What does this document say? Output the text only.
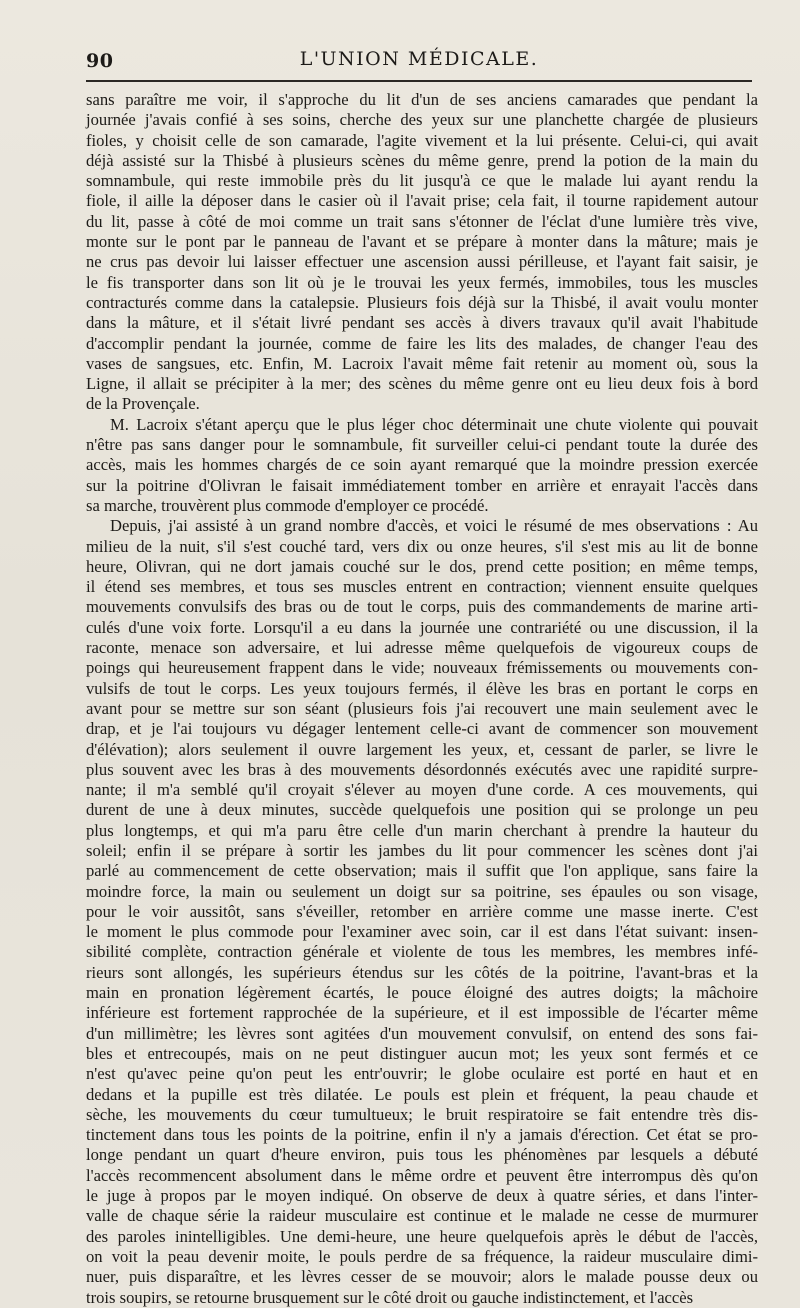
90	L'UNION MÉDICALE.

sans paraître me voir, il s'approche du lit d'un de ses anciens camarades que pendant la
journée j'avais confié à ses soins, cherche des yeux sur une planchette chargée de plusieurs
fioles, y choisit celle de son camarade, l'agite vivement et la lui présente. Celui-ci, qui avait
déjà assisté sur la Thisbé à plusieurs scènes du même genre, prend la potion de la main du
somnambule, qui reste immobile près du lit jusqu'à ce que le malade lui ayant rendu la
fiole, il aille la déposer dans le casier où il l'avait prise; cela fait, il tourne rapidement autour
du lit, passe à côté de moi comme un trait sans s'étonner de l'éclat d'une lumière très vive,
monte sur le pont par le panneau de l'avant et se prépare à monter dans la mâture; mais je
ne crus pas devoir lui laisser effectuer une ascension aussi périlleuse, et l'ayant fait saisir, je
le fis transporter dans son lit où je le trouvai les yeux fermés, immobiles, tous les muscles
contracturés comme dans la catalepsie. Plusieurs fois déjà sur la Thisbé, il avait voulu monter
dans la mâture, et il s'était livré pendant ses accès à divers travaux qu'il avait l'habitude
d'accomplir pendant la journée, comme de faire les lits des malades, de changer l'eau des
vases de sangsues, etc. Enfin, M. Lacroix l'avait même fait retenir au moment où, sous la
Ligne, il allait se précipiter à la mer; des scènes du même genre ont eu lieu deux fois à bord
de la Provençale.

M. Lacroix s'étant aperçu que le plus léger choc déterminait une chute violente qui pouvait
n'être pas sans danger pour le somnambule, fit surveiller celui-ci pendant toute la durée des
accès, mais les hommes chargés de ce soin ayant remarqué que la moindre pression exercée
sur la poitrine d'Olivran le faisait immédiatement tomber en arrière et enrayait l'accès dans
sa marche, trouvèrent plus commode d'employer ce procédé.

Depuis, j'ai assisté à un grand nombre d'accès, et voici le résumé de mes observations : Au
milieu de la nuit, s'il s'est couché tard, vers dix ou onze heures, s'il s'est mis au lit de bonne
heure, Olivran, qui ne dort jamais couché sur le dos, prend cette position; en même temps,
il étend ses membres, et tous ses muscles entrent en contraction; viennent ensuite quelques
mouvements convulsifs des bras ou de tout le corps, puis des commandements de marine arti-
culés d'une voix forte. Lorsqu'il a eu dans la journée une contrariété ou une discussion, il la
raconte, menace son adversaire, et lui adresse même quelquefois de vigoureux coups de
poings qui heureusement frappent dans le vide; nouveaux frémissements ou mouvements con-
vulsifs de tout le corps. Les yeux toujours fermés, il élève les bras en portant le corps en
avant pour se mettre sur son séant (plusieurs fois j'ai recouvert une main seulement avec le
drap, et je l'ai toujours vu dégager lentement celle-ci avant de commencer son mouvement
d'élévation); alors seulement il ouvre largement les yeux, et, cessant de parler, se livre le
plus souvent avec les bras à des mouvements désordonnés exécutés avec une rapidité surpre-
nante; il m'a semblé qu'il croyait s'élever au moyen d'une corde. A ces mouvements, qui
durent de une à deux minutes, succède quelquefois une position qui se prolonge un peu
plus longtemps, et qui m'a paru être celle d'un marin cherchant à prendre la hauteur du
soleil; enfin il se prépare à sortir les jambes du lit pour commencer les scènes dont j'ai
parlé au commencement de cette observation; mais il suffit que l'on applique, sans faire la
moindre force, la main ou seulement un doigt sur sa poitrine, ses épaules ou son visage,
pour le voir aussitôt, sans s'éveiller, retomber en arrière comme une masse inerte. C'est
le moment le plus commode pour l'examiner avec soin, car il est dans l'état suivant: insen-
sibilité complète, contraction générale et violente de tous les membres, les membres infé-
rieurs sont allongés, les supérieurs étendus sur les côtés de la poitrine, l'avant-bras et la
main en pronation légèrement écartés, le pouce éloigné des autres doigts; la mâchoire
inférieure est fortement rapprochée de la supérieure, et il est impossible de l'écarter même
d'un millimètre; les lèvres sont agitées d'un mouvement convulsif, on entend des sons fai-
bles et entrecoupés, mais on ne peut distinguer aucun mot; les yeux sont fermés et ce
n'est qu'avec peine qu'on peut les entr'ouvrir; le globe oculaire est porté en haut et en
dedans et la pupille est très dilatée. Le pouls est plein et fréquent, la peau chaude et
sèche, les mouvements du cœur tumultueux; le bruit respiratoire se fait entendre très dis-
tinctement dans tous les points de la poitrine, enfin il n'y a jamais d'érection. Cet état se pro-
longe pendant un quart d'heure environ, puis tous les phénomènes par lesquels a débuté
l'accès recommencent absolument dans le même ordre et peuvent être interrompus dès qu'on
le juge à propos par le moyen indiqué. On observe de deux à quatre séries, et dans l'inter-
valle de chaque série la raideur musculaire est continue et le malade ne cesse de murmurer
des paroles inintelligibles. Une demi-heure, une heure quelquefois après le début de l'accès,
on voit la peau devenir moite, le pouls perdre de sa fréquence, la raideur musculaire dimi-
nuer, puis disparaître, et les lèvres cesser de se mouvoir; alors le malade pousse deux ou
trois soupirs, se retourne brusquement sur le côté droit ou gauche indistinctement, et l'accès
